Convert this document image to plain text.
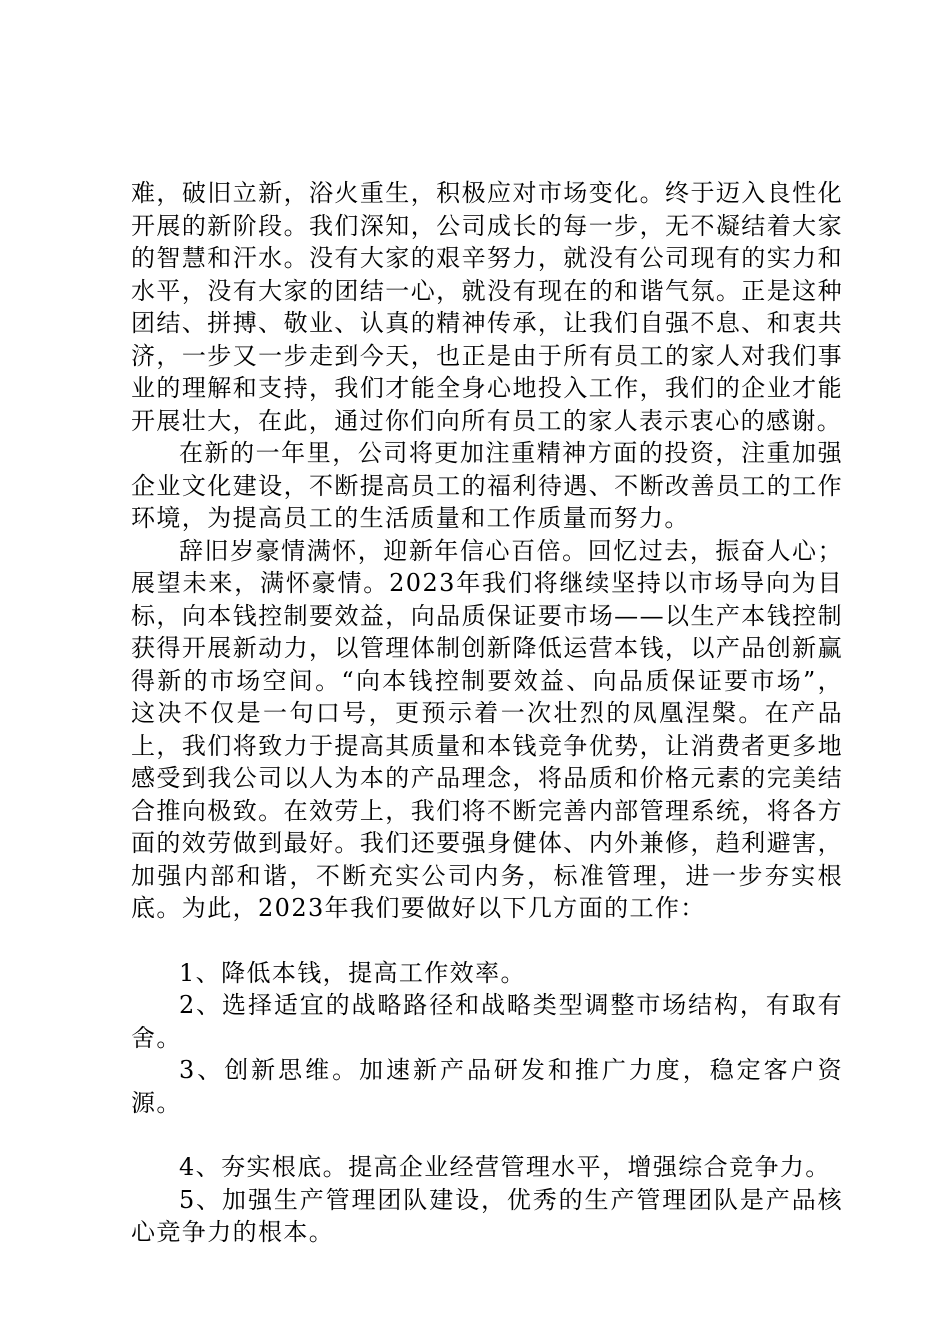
难，破旧立新，浴火重生，积极应对市场变化。终于迈入良性化开展的新阶段。我们深知，公司成长的每一步，无不凝结着大家的智慧和汗水。没有大家的艰辛努力，就没有公司现有的实力和水平，没有大家的团结一心，就没有现在的和谐气氛。正是这种团结、拼搏、敬业、认真的精神传承，让我们自强不息、和衷共济，一步又一步走到今天，也正是由于所有员工的家人对我们事业的理解和支持，我们才能全身心地投入工作，我们的企业才能开展壮大，在此，通过你们向所有员工的家人表示衷心的感谢。

在新的一年里，公司将更加注重精神方面的投资，注重加强企业文化建设，不断提高员工的福利待遇、不断改善员工的工作环境，为提高员工的生活质量和工作质量而努力。

辞旧岁豪情满怀，迎新年信心百倍。回忆过去，振奋人心；展望未来，满怀豪情。2023年我们将继续坚持以市场导向为目标，向本钱控制要效益，向品质保证要市场——以生产本钱控制获得开展新动力，以管理体制创新降低运营本钱，以产品创新赢得新的市场空间。“向本钱控制要效益、向品质保证要市场”，这决不仅是一句口号，更预示着一次壮烈的凤凰涅槃。在产品上，我们将致力于提高其质量和本钱竞争优势，让消费者更多地感受到我公司以人为本的产品理念，将品质和价格元素的完美结合推向极致。在效劳上，我们将不断完善内部管理系统，将各方面的效劳做到最好。我们还要强身健体、内外兼修，趋利避害，加强内部和谐，不断充实公司内务，标准管理，进一步夯实根底。为此，2023年我们要做好以下几方面的工作：

1、降低本钱，提高工作效率。

2、选择适宜的战略路径和战略类型调整市场结构，有取有舍。

3、创新思维。加速新产品研发和推广力度，稳定客户资源。

4、夯实根底。提高企业经营管理水平，增强综合竞争力。

5、加强生产管理团队建设，优秀的生产管理团队是产品核心竞争力的根本。
